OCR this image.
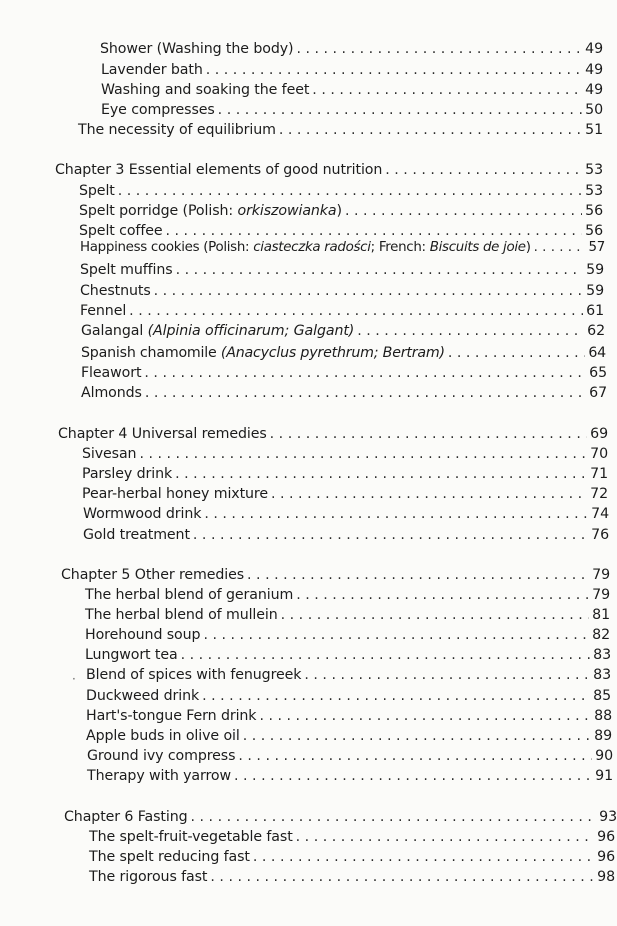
Shower (Washing the body) . . .	49
Lavender bath . . .	49
Washing and soaking the feet . . .	49
Eye compresses . . .	50
The necessity of equilibrium . . .	51
Chapter 3 Essential elements of good nutrition . . .	53
Spelt . . .	53
Spelt porridge (Polish: orkiszowianka) . . .	56
Spelt coffee . . .	56
Happiness cookies (Polish: ciasteczka radości; French: Biscuits de joie) . . .	57
Spelt muffins . . .	59
Chestnuts . . .	59
Fennel . . .	61
Galangal (Alpinia officinarum; Galgant) . . .	62
Spanish chamomile (Anacyclus pyrethrum; Bertram) . . .	64
Fleawort . . .	65
Almonds . . .	67
Chapter 4 Universal remedies . . .	69
Sivesan . . .	70
Parsley drink . . .	71
Pear-herbal honey mixture . . .	72
Wormwood drink . . .	74
Gold treatment . . .	76
Chapter 5 Other remedies . . .	79
The herbal blend of geranium . . .	79
The herbal blend of mullein . . .	81
Horehound soup . . .	82
Lungwort tea . . .	83
· Blend of spices with fenugreek . . .	83
Duckweed drink . . .	85
Hart's-tongue Fern drink . . .	88
Apple buds in olive oil . . .	89
Ground ivy compress . . .	90
Therapy with yarrow . . .	91
Chapter 6 Fasting . . .	93
The spelt-fruit-vegetable fast . . .	96
The spelt reducing fast . . .	96
The rigorous fast . . .	98
